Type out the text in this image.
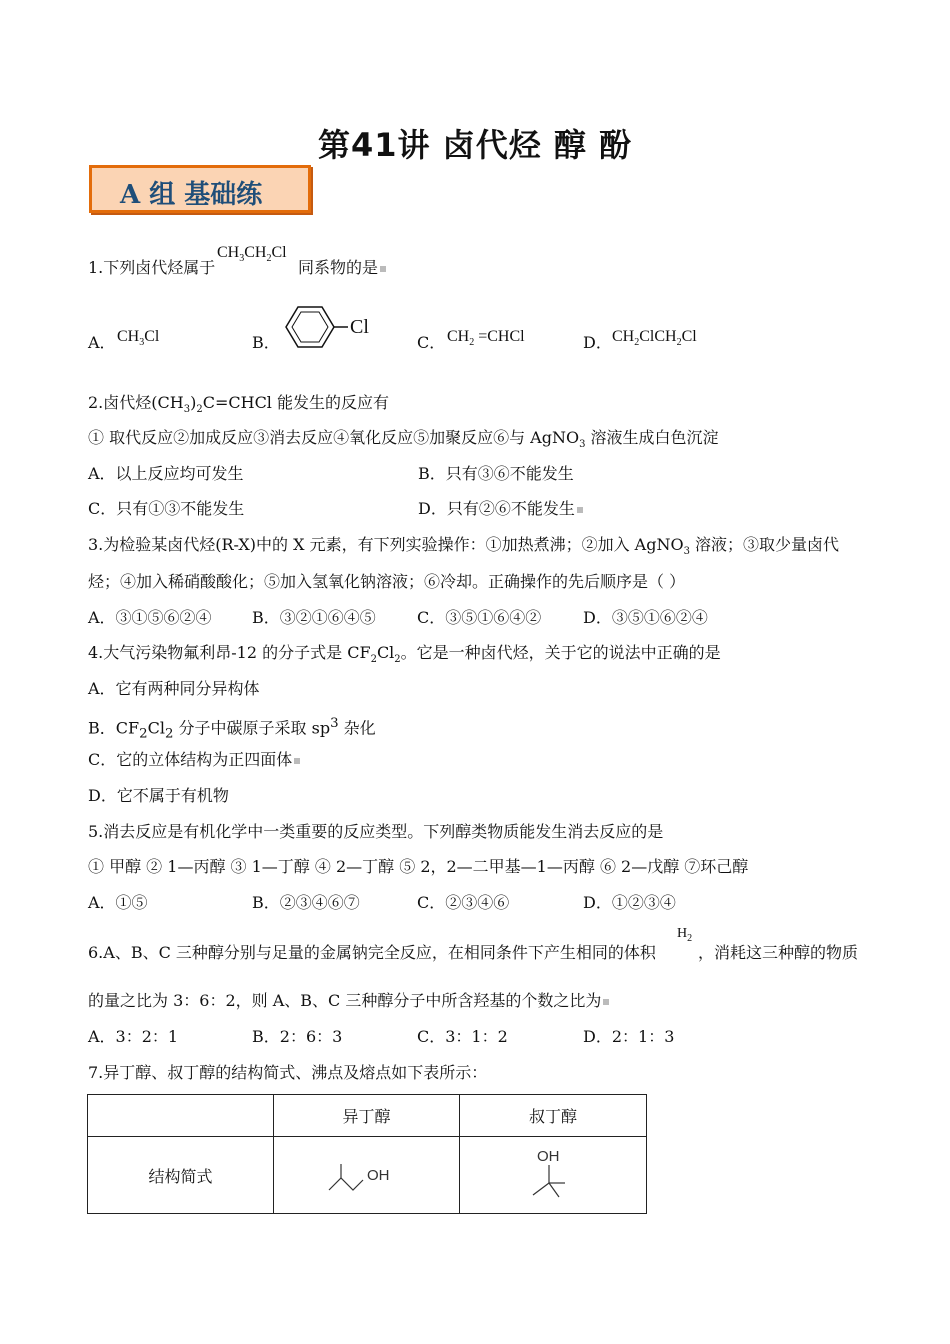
第41讲 卤代烃 醇 酚
A 组 基础练
1.下列卤代烃属于
$CH_3CH_2Cl$
同系物的是
A． $CH_3Cl$	B．
Cl
C． $CH_2$ =CHCl	D． $CH_2ClCH_2Cl$
2.卤代烃$(CH_3)_2C=CHCl$ 能发生的反应有
① 取代反应②加成反应③消去反应④氧化反应⑤加聚反应⑥与 AgNO$_3$ 溶液生成白色沉淀
A．以上反应均可发生	B．只有③⑥不能发生
C．只有①③不能发生	D．只有②⑥不能发生
3.为检验某卤代烃(R-X)中的 X 元素，有下列实验操作：①加热煮沸；②加入 AgNO$_3$ 溶液；③取少量卤代
烃；④加入稀硝酸酸化；⑤加入氢氧化钠溶液；⑥冷却。正确操作的先后顺序是（ ）
A．③①⑤⑥②④	B．③②①⑥④⑤	C．③⑤①⑥④②	D．③⑤①⑥②④
4.大气污染物氟利昂-12 的分子式是 $CF_2Cl_2$。它是一种卤代烃，关于它的说法中正确的是
A．它有两种同分异构体
B．$CF_2Cl_2$ 分子中碳原子采取 $sp^3$ 杂化
C．它的立体结构为正四面体
D．它不属于有机物
5.消去反应是有机化学中一类重要的反应类型。下列醇类物质能发生消去反应的是
① 甲醇 ② 1—丙醇 ③ 1—丁醇 ④ 2—丁醇 ⑤ 2，2—二甲基—1—丙醇 ⑥ 2—戊醇 ⑦环己醇
A．①⑤	B．②③④⑥⑦	C．②③④⑥	D．①②③④
6.A、B、C 三种醇分别与足量的金属钠完全反应，在相同条件下产生相同的体积
$H_2$
，消耗这三种醇的物质
的量之比为 3：6：2，则 A、B、C 三种醇分子中所含羟基的个数之比为
A．3：2：1	B．2：6：3	C．3：1：2	D．2：1：3
7.异丁醇、叔丁醇的结构简式、沸点及熔点如下表所示：
	异丁醇	叔丁醇
结构简式	OH	OH
